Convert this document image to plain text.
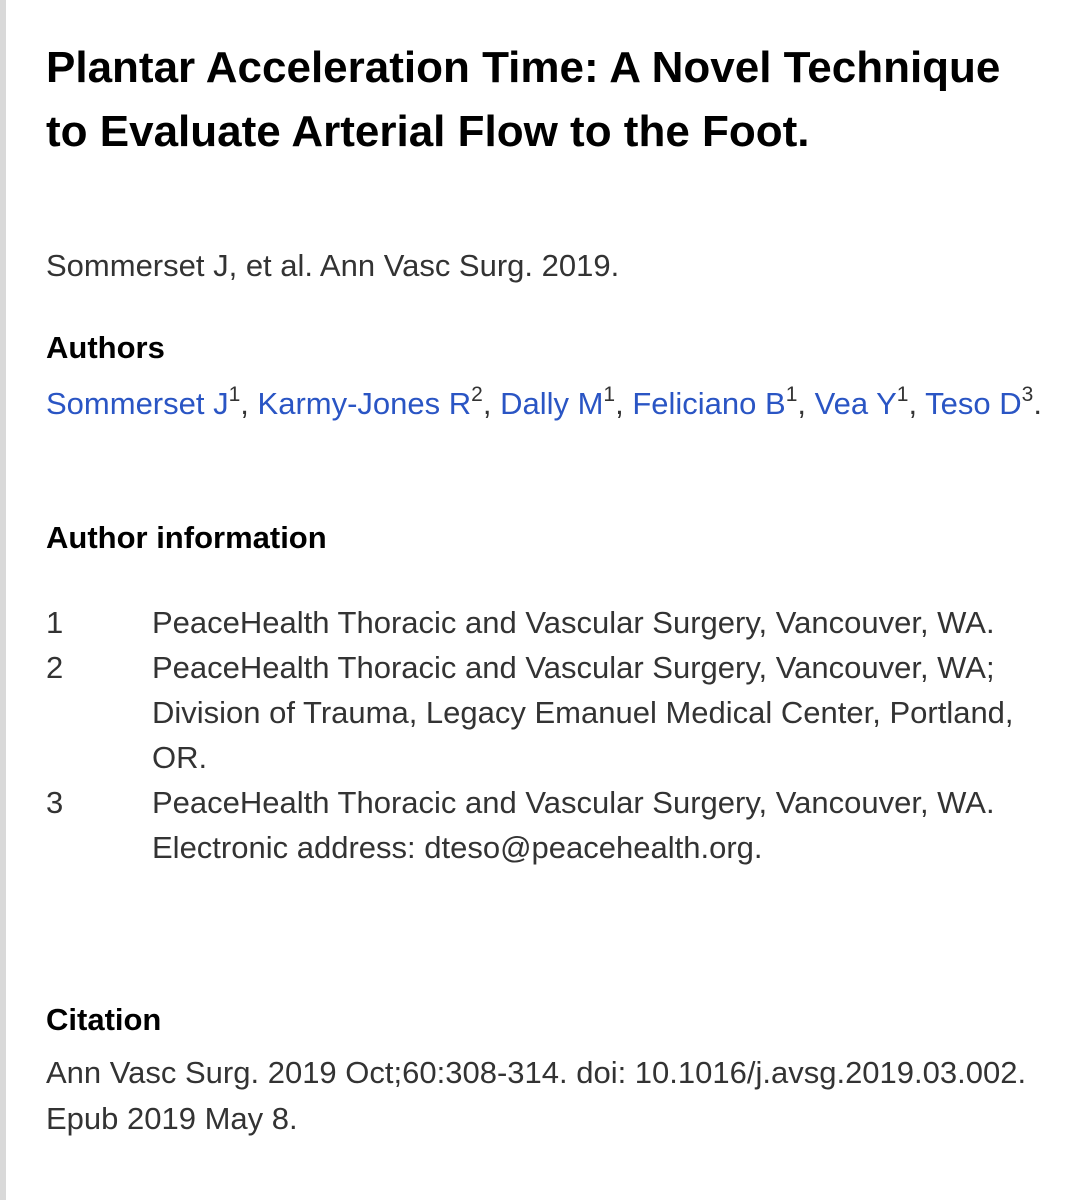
Plantar Acceleration Time: A Novel Technique to Evaluate Arterial Flow to the Foot.
Sommerset J, et al. Ann Vasc Surg. 2019.
Authors
Sommerset $J^1$, Karmy-Jones $R^2$, Dally $M^1$, Feliciano $B^1$, Vea $Y^1$, Teso $D^3$.
Author information
1	PeaceHealth Thoracic and Vascular Surgery, Vancouver, WA.
2	PeaceHealth Thoracic and Vascular Surgery, Vancouver, WA; Division of Trauma, Legacy Emanuel Medical Center, Portland, OR.
3	PeaceHealth Thoracic and Vascular Surgery, Vancouver, WA. Electronic address: dteso@peacehealth.org.
Citation
Ann Vasc Surg. 2019 Oct;60:308-314. doi: 10.1016/j.avsg.2019.03.002. Epub 2019 May 8.
